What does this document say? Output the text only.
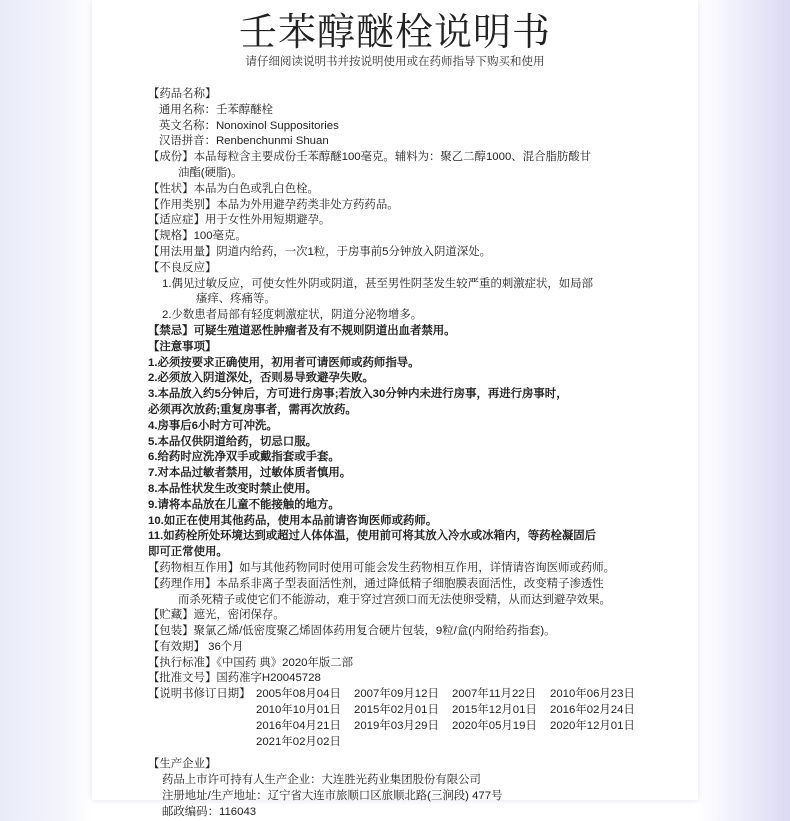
壬苯醇醚栓说明书
请仔细阅读说明书并按说明使用或在药师指导下购买和使用
【药品名称】
通用名称：壬苯醇醚栓
英文名称：Nonoxinol Suppositories
汉语拼音：Renbenchunmi Shuan
【成份】本品每粒含主要成份壬苯醇醚100毫克。辅料为：聚乙二醇1000、混合脂肪酸甘
油酯(硬脂)。
【性状】本品为白色或乳白色栓。
【作用类别】本品为外用避孕药类非处方药药品。
【适应症】用于女性外用短期避孕。
【规格】100毫克。
【用法用量】阴道内给药，一次1粒，于房事前5分钟放入阴道深处。
【不良反应】
1.偶见过敏反应，可使女性外阴或阴道，甚至男性阴茎发生较严重的刺激症状，如局部
瘙痒、疼痛等。
2.少数患者局部有轻度刺激症状，阴道分泌物增多。
【禁忌】可疑生殖道恶性肿瘤者及有不规则阴道出血者禁用。
【注意事项】
1.必须按要求正确使用，初用者可请医师或药师指导。
2.必须放入阴道深处，否则易导致避孕失败。
3.本品放入约5分钟后，方可进行房事;若放入30分钟内未进行房事，再进行房事时，
必须再次放药;重复房事者，需再次放药。
4.房事后6小时方可冲洗。
5.本品仅供阴道给药，切忌口服。
6.给药时应洗净双手或戴指套或手套。
7.对本品过敏者禁用，过敏体质者慎用。
8.本品性状发生改变时禁止使用。
9.请将本品放在儿童不能接触的地方。
10.如正在使用其他药品，使用本品前请咨询医师或药师。
11.如药栓所处环境达到或超过人体体温，使用前可将其放入冷水或冰箱内，等药栓凝固后
即可正常使用。
【药物相互作用】如与其他药物同时使用可能会发生药物相互作用，详情请咨询医师或药师。
【药理作用】本品系非离子型表面活性剂，通过降低精子细胞膜表面活性，改变精子渗透性
而杀死精子或使它们不能游动，难于穿过宫颈口而无法使卵受精，从而达到避孕效果。
【贮藏】遮光，密闭保存。
【包装】聚氯乙烯/低密度聚乙烯固体药用复合硬片包装，9粒/盒(内附给药指套)。
【有效期】 36个月
【执行标准】《中国药 典》2020年版二部
【批准文号】国药准字H20045728
【说明书修订日期】 2005年08月04日 2007年09月12日 2007年11月22日 2010年06月23日
2010年10月01日 2015年02月01日 2015年12月01日 2016年02月24日
2016年04月21日 2019年03月29日 2020年05月19日 2020年12月01日
2021年02月02日
【生产企业】
药品上市许可持有人生产企业：大连胜光药业集团股份有限公司
注册地址/生产地址：辽宁省大连市旅顺口区旅顺北路(三涧段) 477号
邮政编码：116043
